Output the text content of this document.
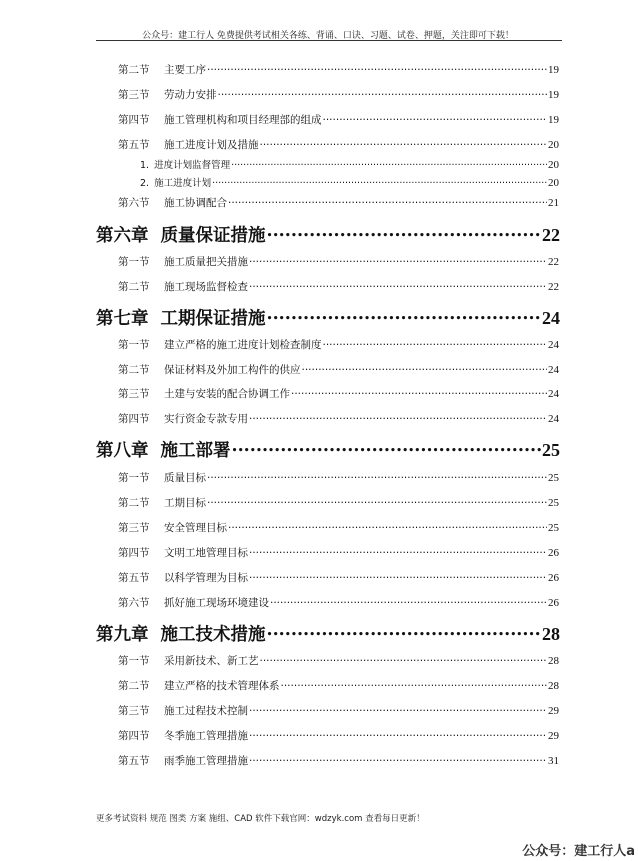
公众号：建工行人 免费提供考试相关各练、背诵、口诀、习题、试卷、押题，关注即可下载！
第二节	主要工序 .....	19
第三节	劳动力安排 .....	19
第四节	施工管理机构和项目经理部的组成 .....	19
第五节	施工进度计划及措施 .....	20
1. 进度计划监督管理 .....	20
2. 施工进度计划 .....	20
第六节	施工协调配合 .....	21
第六章 质量保证措施 .....	22
第一节	施工质量把关措施 .....	22
第二节	施工现场监督检查 .....	22
第七章 工期保证措施 .....	24
第一节	建立严格的施工进度计划检查制度 .....	24
第二节	保证材料及外加工构件的供应 .....	24
第三节	土建与安装的配合协调工作 .....	24
第四节	实行资金专款专用 .....	24
第八章 施工部署 .....	25
第一节	质量目标 .....	25
第二节	工期目标 .....	25
第三节	安全管理目标 .....	25
第四节	文明工地管理目标 .....	26
第五节	以科学管理为目标 .....	26
第六节	抓好施工现场环境建设 .....	26
第九章 施工技术措施 .....	28
第一节	采用新技术、新工艺 .....	28
第二节	建立严格的技术管理体系 .....	28
第三节	施工过程技术控制 .....	29
第四节	冬季施工管理措施 .....	29
第五节	雨季施工管理措施 .....	31
更多考试资料 规范 图类 方案 施组、CAD 软件下载官网：wdzyk.com 查看每日更新！
公众号：建工行人a
